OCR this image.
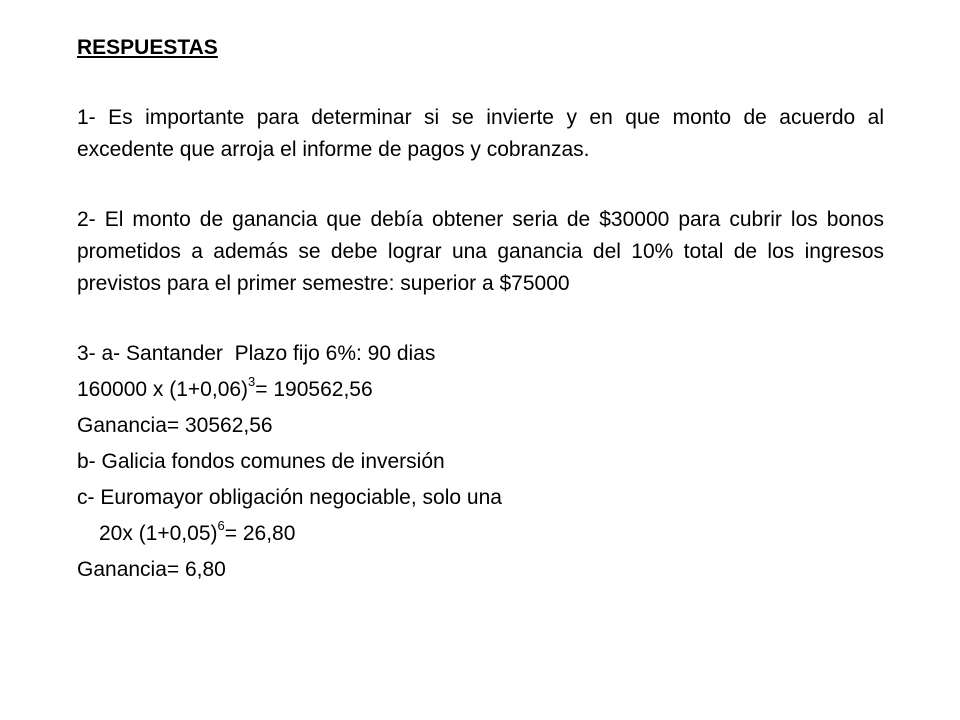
RESPUESTAS

1- Es importante para determinar si se invierte y en que monto de acuerdo al excedente que arroja el informe de pagos y cobranzas.

2- El monto de ganancia que debía obtener seria de $30000 para cubrir los bonos prometidos a además se debe lograr una ganancia del 10% total de los ingresos previstos para el primer semestre: superior a $75000

3- a- Santander  Plazo fijo 6%: 90 dias

160000 x $(1+0,06)^3= 190562,56$

Ganancia= 30562,56

b- Galicia fondos comunes de inversión

c- Euromayor obligación negociable, solo una

20x $(1+0,05)^6= 26,80$

Ganancia= 6,80
